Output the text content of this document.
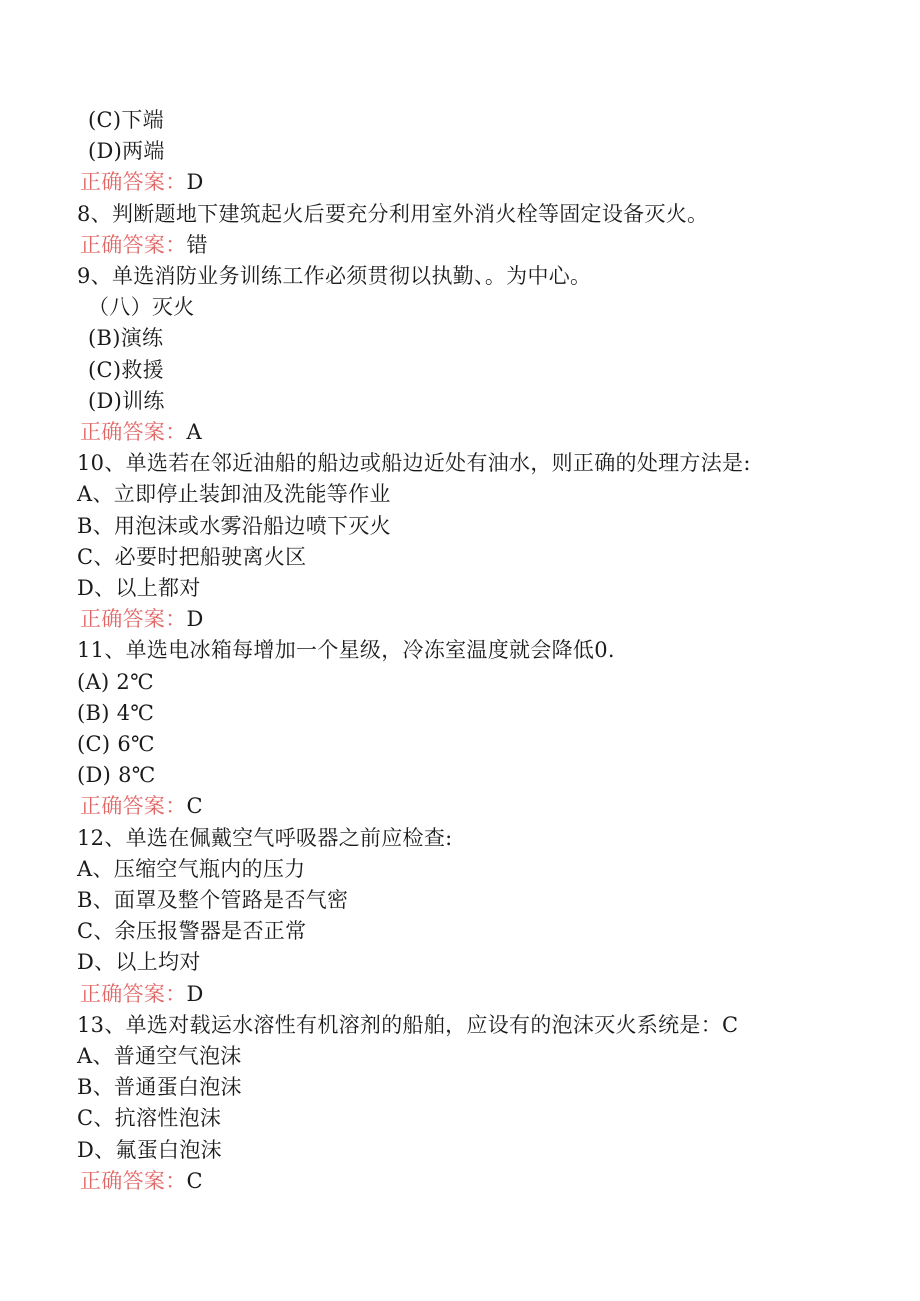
(C)下端
(D)两端
正确答案：D
8、判断题地下建筑起火后要充分利用室外消火栓等固定设备灭火。
正确答案：错
9、单选消防业务训练工作必须贯彻以执勤、。为中心。
（八）灭火
(B)演练
(C)救援
(D)训练
正确答案：A
10、单选若在邻近油船的船边或船边近处有油水，则正确的处理方法是:
A、立即停止装卸油及洗能等作业
B、用泡沫或水雾沿船边喷下灭火
C、必要时把船驶离火区
D、以上都对
正确答案：D
11、单选电冰箱每增加一个星级，冷冻室温度就会降低0.
(A) 2℃
(B) 4℃
(C) 6℃
(D) 8℃
正确答案：C
12、单选在佩戴空气呼吸器之前应检查:
A、压缩空气瓶内的压力
B、面罩及整个管路是否气密
C、余压报警器是否正常
D、以上均对
正确答案：D
13、单选对载运水溶性有机溶剂的船舶，应设有的泡沫灭火系统是：C
A、普通空气泡沫
B、普通蛋白泡沫
C、抗溶性泡沫
D、氟蛋白泡沫
正确答案：C
